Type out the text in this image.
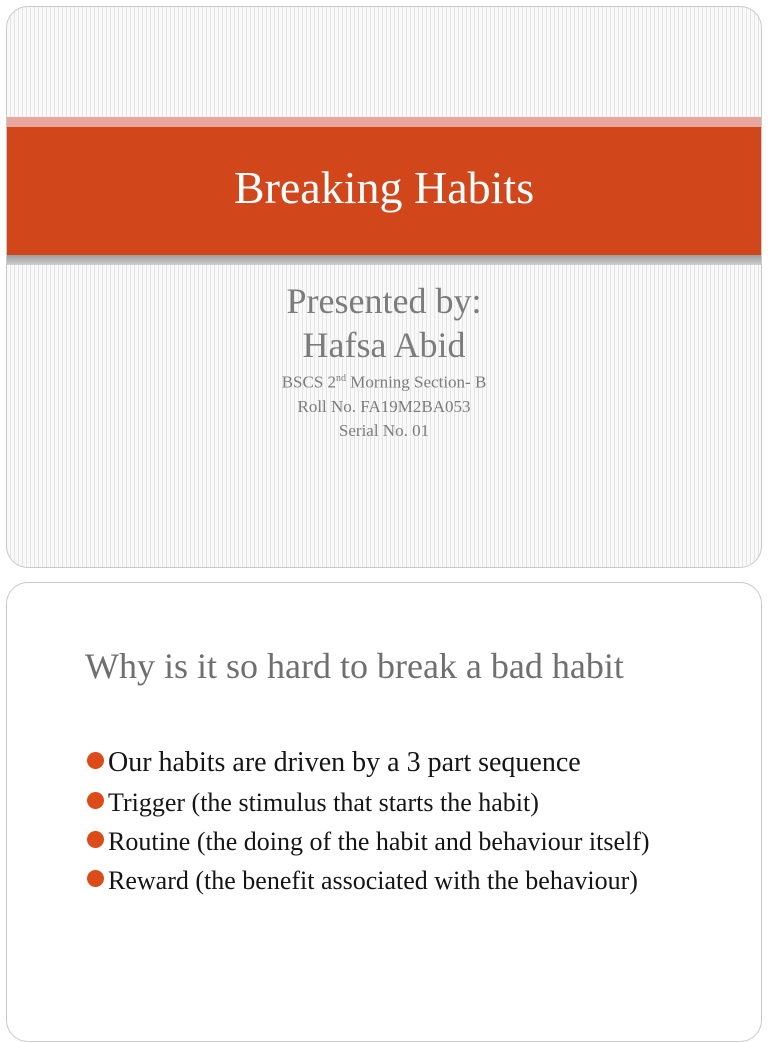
Breaking Habits
Presented by:
Hafsa Abid
BSCS 2nd Morning Section- B
Roll No. FA19M2BA053
Serial No. 01
Why is it so hard to break a bad habit
Our habits are driven by a 3 part sequence
Trigger (the stimulus that starts the habit)
Routine (the doing of the habit and behaviour itself)
Reward (the benefit associated with the behaviour)
